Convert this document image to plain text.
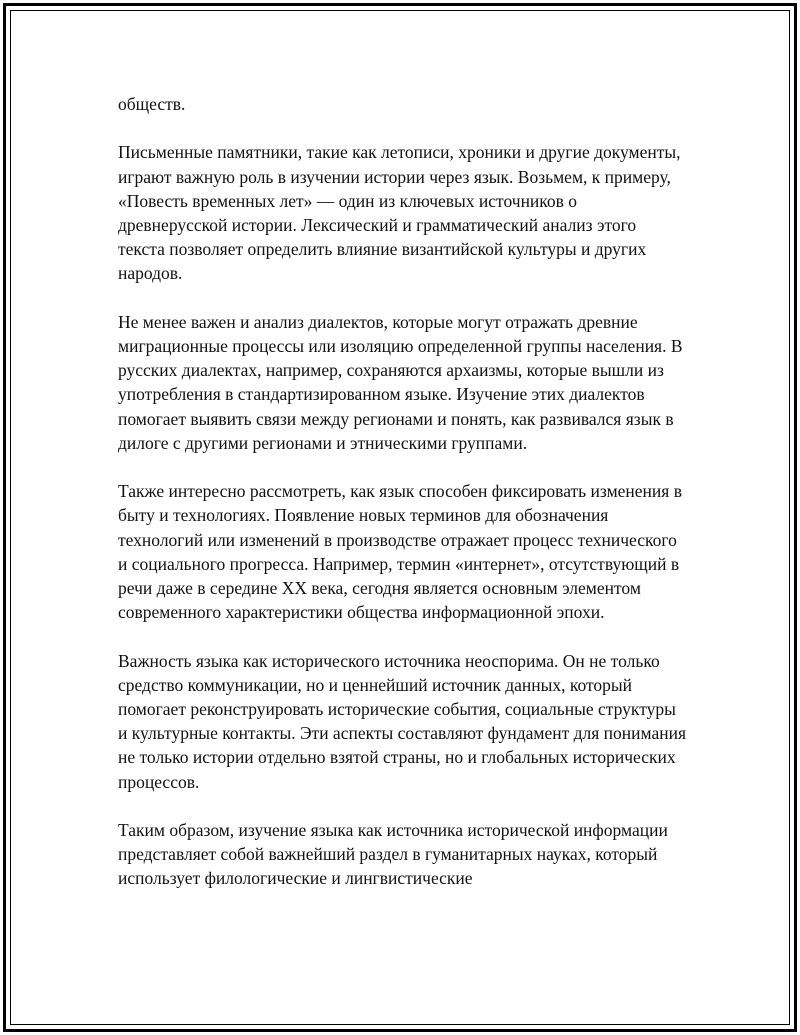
обществ.

Письменные памятники, такие как летописи, хроники и другие документы, играют важную роль в изучении истории через язык. Возьмем, к примеру, «Повесть временных лет» — один из ключевых источников о древнерусской истории. Лексический и грамматический анализ этого текста позволяет определить влияние византийской культуры и других народов.

Не менее важен и анализ диалектов, которые могут отражать древние миграционные процессы или изоляцию определенной группы населения. В русских диалектах, например, сохраняются архаизмы, которые вышли из употребления в стандартизированном языке. Изучение этих диалектов помогает выявить связи между регионами и понять, как развивался язык в дилоге с другими регионами и этническими группами.

Также интересно рассмотреть, как язык способен фиксировать изменения в быту и технологиях. Появление новых терминов для обозначения технологий или изменений в производстве отражает процесс технического и социального прогресса. Например, термин «интернет», отсутствующий в речи даже в середине XX века, сегодня является основным элементом современного характеристики общества информационной эпохи.

Важность языка как исторического источника неоспорима. Он не только средство коммуникации, но и ценнейший источник данных, который помогает реконструировать исторические события, социальные структуры и культурные контакты. Эти аспекты составляют фундамент для понимания не только истории отдельно взятой страны, но и глобальных исторических процессов.

Таким образом, изучение языка как источника исторической информации представляет собой важнейший раздел в гуманитарных науках, который использует филологические и лингвистические
